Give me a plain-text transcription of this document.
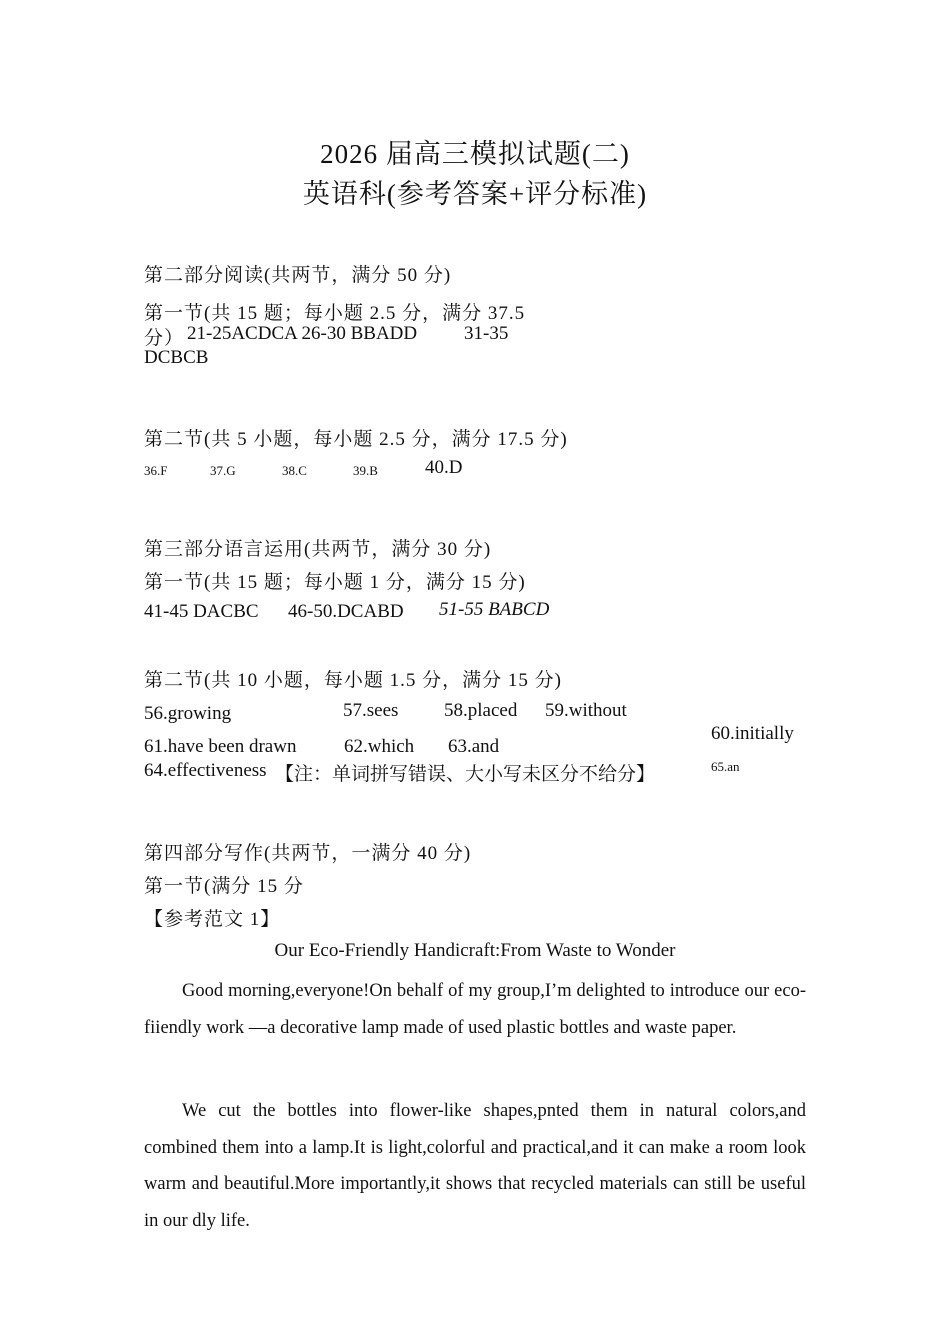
2026 届高三模拟试题(二)
英语科(参考答案+评分标准)
第二部分阅读(共两节，满分 50 分)
第一节(共 15 题；每小题 2.5 分，满分 37.5
分） 21-25ACDCA 26-30 BBADD 31-35
DCBCB
第二节(共 5 小题，每小题 2.5 分，满分 17.5 分)
36.F	37.G	38.C	39.B 40.D
第三部分语言运用(共两节，满分 30 分)
第一节(共 15 题；每小题 1 分，满分 15 分)
41-45 DACBC 46-50.DCABD 51-55 BABCD
第二节(共 10 小题，每小题 1.5 分，满分 15 分)
56.growing	57.sees 58.placed 59.without
60.initially
61.have been drawn	62.which 63.and
64.effectiveness 【注：单词拼写错误、大小写未区分不给分】	65.an
第四部分写作(共两节，一满分 40 分)
第一节(满分 15 分
【参考范文 1】
Our Eco-Friendly Handicraft:From Waste to Wonder
Good morning,everyone!On behalf of my group,I’m delighted to introduce our eco-fiiendly work —a decorative lamp made of used plastic bottles and waste paper.
We cut the bottles into flower-like shapes,pnted them in natural colors,and combined them into a lamp.It is light,colorful and practical,and it can make a room look warm and beautiful.More importantly,it shows that recycled materials can still be useful in our dly life.
